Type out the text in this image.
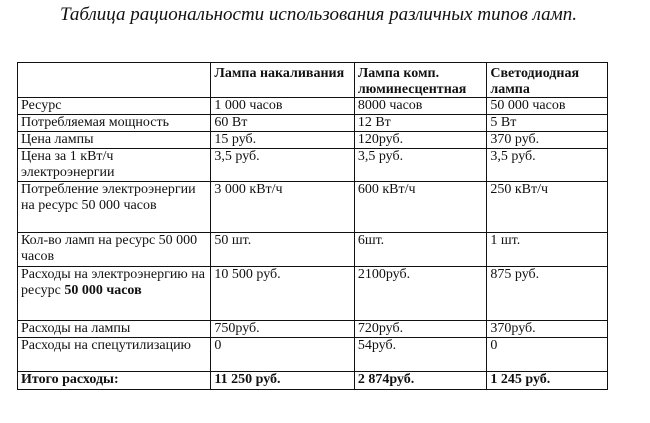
Таблица рациональности использования различных типов ламп.
	Лампа накаливания	Лампа комп. люминесцентная	Светодиодная лампа
Ресурс	1 000 часов	8000 часов	50 000 часов
Потребляемая мощность	60 Вт	12 Вт	5 Вт
Цена лампы	15 руб.	120руб.	370 руб.
Цена за 1 кВт/ч электроэнергии	3,5 руб.	3,5 руб.	3,5 руб.
Потребление электроэнергии на ресурс 50 000 часов	3 000 кВт/ч	600 кВт/ч	250 кВт/ч
Кол-во ламп на ресурс 50 000 часов	50 шт.	6шт.	1 шт.
Расходы на электроэнергию на ресурс 50 000 часов	10 500 руб.	2100руб.	875 руб.
Расходы на лампы	750руб.	720руб.	370руб.
Расходы на спецутилизацию	0	54руб.	0
Итого расходы:	11 250 руб.	2 874руб.	1 245 руб.
